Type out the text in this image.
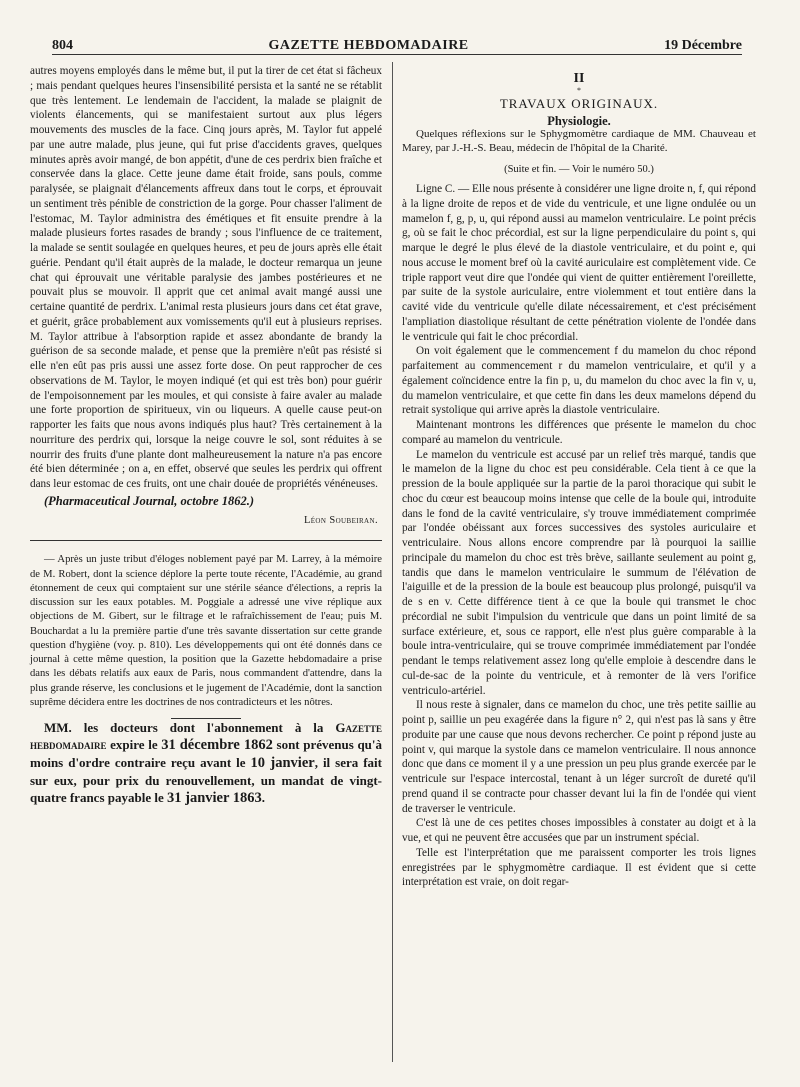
804	GAZETTE HEBDOMADAIRE	19 Décembre

autres moyens employés dans le même but, il put la tirer de cet état si fâcheux ; mais pendant quelques heures l'insensibilité persista et la santé ne se rétablit que très lentement. Le lendemain de l'accident, la malade se plaignit de violents élancements, qui se manifestaient surtout aux plus légers mouvements des muscles de la face. Cinq jours après, M. Taylor fut appelé par une autre malade, plus jeune, qui fut prise d'accidents graves, quelques minutes après avoir mangé, de bon appétit, d'une de ces perdrix bien fraîche et conservée dans la glace. Cette jeune dame était froide, sans pouls, comme paralysée, se plaignait d'élancements affreux dans tout le corps, et éprouvait un sentiment très pénible de constriction de la gorge. Pour chasser l'aliment de l'estomac, M. Taylor administra des émétiques et fit ensuite prendre à la malade plusieurs fortes rasades de brandy ; sous l'influence de ce traitement, la malade se sentit soulagée en quelques heures, et peu de jours après elle était guérie. Pendant qu'il était auprès de la malade, le docteur remarqua un jeune chat qui éprouvait une véritable paralysie des jambes postérieures et ne pouvait plus se mouvoir. Il apprit que cet animal avait mangé aussi une certaine quantité de perdrix. L'animal resta plusieurs jours dans cet état grave, et guérit, grâce probablement aux vomissements qu'il eut à plusieurs reprises. M. Taylor attribue à l'absorption rapide et assez abondante de brandy la guérison de sa seconde malade, et pense que la première n'eût pas résisté si elle n'en eût pas pris aussi une assez forte dose. On peut rapprocher de ces observations de M. Taylor, le moyen indiqué (et qui est très bon) pour guérir de l'empoisonnement par les moules, et qui consiste à faire avaler au malade une forte proportion de spiritueux, vin ou liqueurs. A quelle cause peut-on rapporter les faits que nous avons indiqués plus haut? Très certainement à la nourriture des perdrix qui, lorsque la neige couvre le sol, sont réduites à se nourrir des fruits d'une plante dont malheureusement la nature n'a pas encore été bien déterminée ; on a, en effet, observé que seules les perdrix qui offrent dans leur estomac de ces fruits, ont une chair douée de propriétés vénéneuses.

(Pharmaceutical Journal, octobre 1862.)

Léon Soubeiran.

— Après un juste tribut d'éloges noblement payé par M. Larrey, à la mémoire de M. Robert, dont la science déplore la perte toute récente, l'Académie, au grand étonnement de ceux qui comptaient sur une stérile séance d'élections, a repris la discussion sur les eaux potables. M. Poggiale a adressé une vive réplique aux objections de M. Gibert, sur le filtrage et le rafraîchissement de l'eau; puis M. Bouchardat a lu la première partie d'une très savante dissertation sur cette grande question d'hygiène (voy. p. 810). Les développements qui ont été donnés dans ce journal à cette même question, la position que la Gazette hebdomadaire a prise dans les débats relatifs aux eaux de Paris, nous commandent d'attendre, dans la plus grande réserve, les conclusions et le jugement de l'Académie, dont la sanction suprême décidera entre les doctrines de nos contradicteurs et les nôtres.

MM. les docteurs dont l'abonnement à la Gazette hebdomadaire expire le 31 décembre 1862 sont prévenus qu'à moins d'ordre contraire reçu avant le 10 janvier, il sera fait sur eux, pour prix du renouvellement, un mandat de vingt-quatre francs payable le 31 janvier 1863.

II
*
TRAVAUX ORIGINAUX.
Physiologie.

Quelques réflexions sur le Sphygmomètre cardiaque de MM. Chauveau et Marey, par J.-H.-S. Beau, médecin de l'hôpital de la Charité.

(Suite et fin. — Voir le numéro 50.)

Ligne C. — Elle nous présente à considérer une ligne droite n, f, qui répond à la ligne droite de repos et de vide du ventricule, et une ligne ondulée ou un mamelon f, g, p, u, qui répond aussi au mamelon ventriculaire. Le point précis g, où se fait le choc précordial, est sur la ligne perpendiculaire du point s, qui marque le degré le plus élevé de la diastole ventriculaire, et du point e, qui nous accuse le moment bref où la cavité auriculaire est complètement vide. Ce triple rapport veut dire que l'ondée qui vient de quitter entièrement l'oreillette, par suite de la systole auriculaire, entre violemment et tout entière dans la cavité vide du ventricule qu'elle dilate nécessairement, et c'est précisément l'ampliation diastolique résultant de cette pénétration violente de l'ondée dans le ventricule qui fait le choc précordial.

On voit également que le commencement f du mamelon du choc répond parfaitement au commencement r du mamelon ventriculaire, et qu'il y a également coïncidence entre la fin p, u, du mamelon du choc avec la fin v, u, du mamelon ventriculaire, et que cette fin dans les deux mamelons dépend du retrait systolique qui arrive après la diastole ventriculaire.

Maintenant montrons les différences que présente le mamelon du choc comparé au mamelon du ventricule.

Le mamelon du ventricule est accusé par un relief très marqué, tandis que le mamelon de la ligne du choc est peu considérable. Cela tient à ce que la pression de la boule appliquée sur la partie de la paroi thoracique qui subit le choc du cœur est beaucoup moins intense que celle de la boule qui, introduite dans le fond de la cavité ventriculaire, s'y trouve immédiatement comprimée par l'ondée obéissant aux forces successives des systoles auriculaire et ventriculaire. Nous allons encore comprendre par là pourquoi la saillie principale du mamelon du choc est très brève, saillante seulement au point g, tandis que dans le mamelon ventriculaire le summum de l'élévation de l'aiguille et de la pression de la boule est beaucoup plus prolongé, puisqu'il va de s en v. Cette différence tient à ce que la boule qui transmet le choc précordial ne subit l'impulsion du ventricule que dans un point limité de sa surface extérieure, et, sous ce rapport, elle n'est plus guère comparable à la boule intra-ventriculaire, qui se trouve comprimée immédiatement par l'ondée pendant le temps relativement assez long qu'elle emploie à descendre dans le cul-de-sac de la pointe du ventricule, et à remonter de là vers l'orifice ventriculo-artériel.

Il nous reste à signaler, dans ce mamelon du choc, une très petite saillie au point p, saillie un peu exagérée dans la figure n° 2, qui n'est pas là sans y être produite par une cause que nous devons rechercher. Ce point p répond juste au point v, qui marque la systole dans ce mamelon ventriculaire. Il nous annonce donc que dans ce moment il y a une pression un peu plus grande exercée par le ventricule sur l'espace intercostal, tenant à un léger surcroît de dureté qu'il prend quand il se contracte pour chasser devant lui la fin de l'ondée qui vient de traverser le ventricule.

C'est là une de ces petites choses impossibles à constater au doigt et à la vue, et qui ne peuvent être accusées que par un instrument spécial.

Telle est l'interprétation que me paraissent comporter les trois lignes enregistrées par le sphygmomètre cardiaque. Il est évident que si cette interprétation est vraie, on doit regar-
